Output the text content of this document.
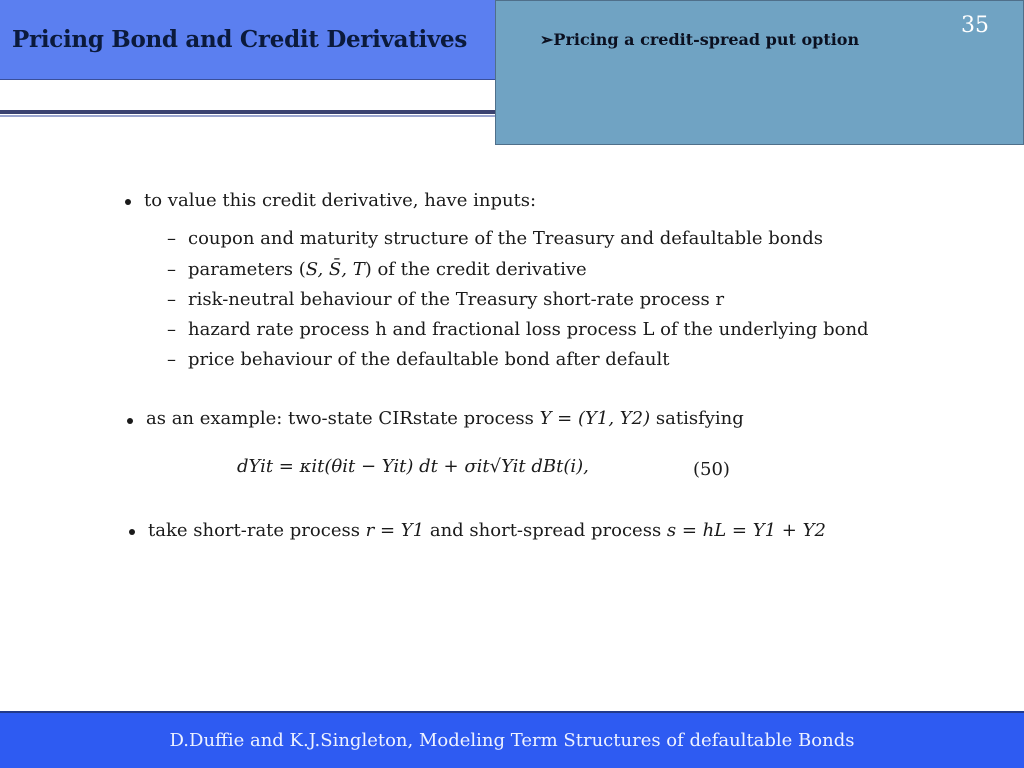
Pricing Bond and Credit Derivatives	➢Pricing a credit-spread put option
35
to value this credit derivative, have inputs:
– coupon and maturity structure of the Treasury and defaultable bonds
– parameters (S, S̄, T) of the credit derivative
– risk-neutral behaviour of the Treasury short-rate process r
– hazard rate process h and fractional loss process L of the underlying bond
– price behaviour of the defaultable bond after default
as an example: two-state CIRstate process Y = (Y1, Y2) satisfying
dYit = κit(θit − Yit) dt + σit√Yit dBt(i),	(50)
take short-rate process r = Y1 and short-spread process s = hL = Y1 + Y2
D.Duffie and K.J.Singleton, Modeling Term Structures of defaultable Bonds
